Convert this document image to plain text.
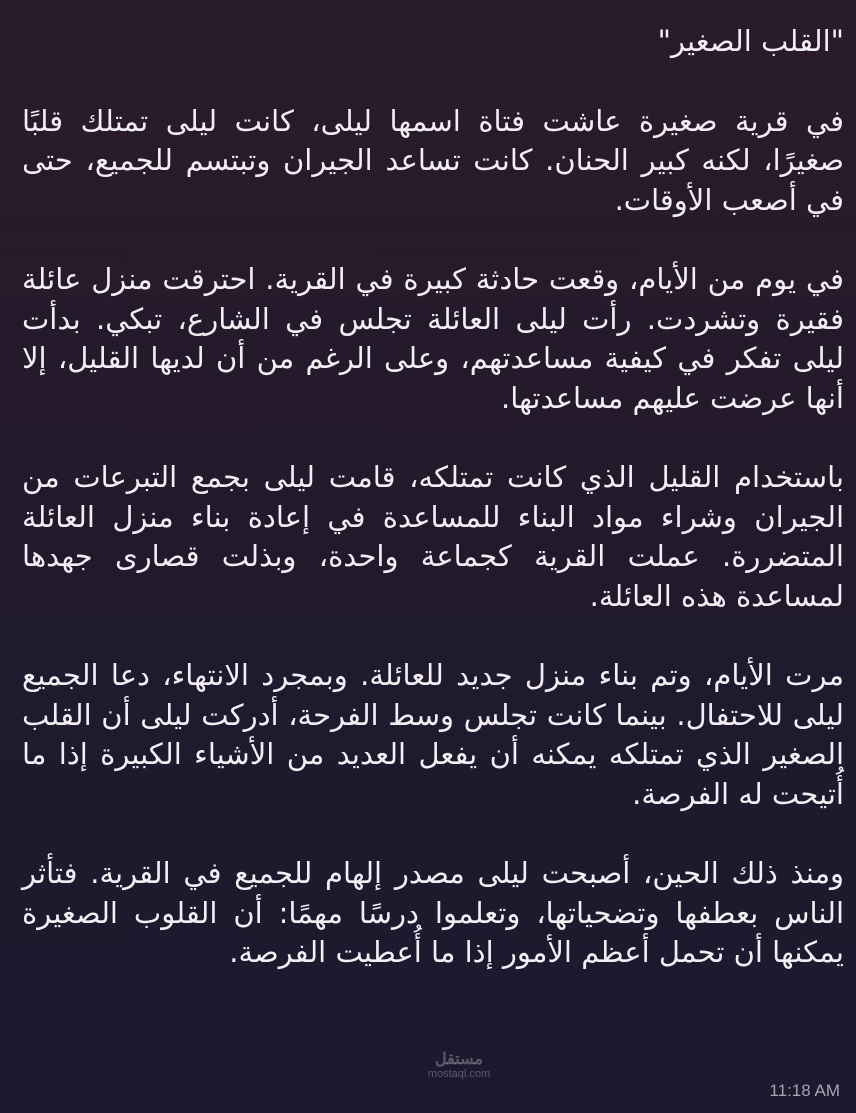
"القلب الصغير"
في قرية صغيرة عاشت فتاة اسمها ليلى، كانت ليلى تمتلك قلبًا صغيرًا، لكنه كبير الحنان. كانت تساعد الجيران وتبتسم للجميع، حتى في أصعب الأوقات.
في يوم من الأيام، وقعت حادثة كبيرة في القرية. احترقت منزل عائلة فقيرة وتشردت. رأت ليلى العائلة تجلس في الشارع، تبكي. بدأت ليلى تفكر في كيفية مساعدتهم، وعلى الرغم من أن لديها القليل، إلا أنها عرضت عليهم مساعدتها.
باستخدام القليل الذي كانت تمتلكه، قامت ليلى بجمع التبرعات من الجيران وشراء مواد البناء للمساعدة في إعادة بناء منزل العائلة المتضررة. عملت القرية كجماعة واحدة، وبذلت قصارى جهدها لمساعدة هذه العائلة.
مرت الأيام، وتم بناء منزل جديد للعائلة. وبمجرد الانتهاء، دعا الجميع ليلى للاحتفال. بينما كانت تجلس وسط الفرحة، أدركت ليلى أن القلب الصغير الذي تمتلكه يمكنه أن يفعل العديد من الأشياء الكبيرة إذا ما أُتيحت له الفرصة.
ومنذ ذلك الحين، أصبحت ليلى مصدر إلهام للجميع في القرية. فتأثر الناس بعطفها وتضحياتها، وتعلموا درسًا مهمًا: أن القلوب الصغيرة يمكنها أن تحمل أعظم الأمور إذا ما أُعطيت الفرصة.
11:18 AM
مستقل
mostaql.com
